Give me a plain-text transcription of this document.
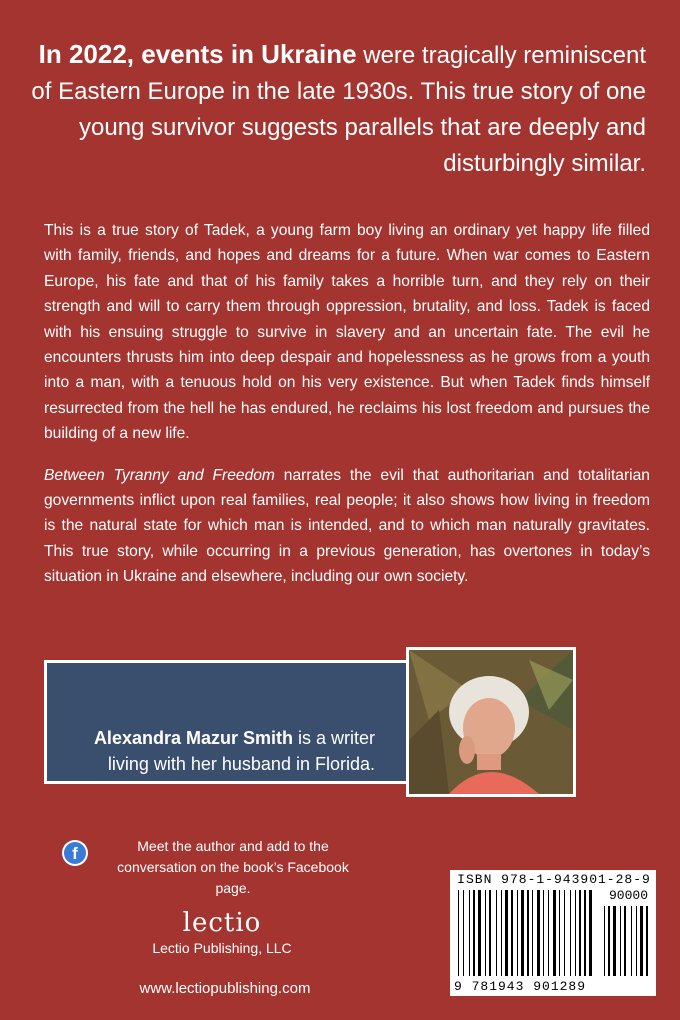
In 2022, events in Ukraine were tragically reminiscent of Eastern Europe in the late 1930s. This true story of one young survivor suggests parallels that are deeply and disturbingly similar.

This is a true story of Tadek, a young farm boy living an ordinary yet happy life filled with family, friends, and hopes and dreams for a future. When war comes to Eastern Europe, his fate and that of his family takes a horrible turn, and they rely on their strength and will to carry them through oppression, brutality, and loss. Tadek is faced with his ensuing struggle to survive in slavery and an uncertain fate. The evil he encounters thrusts him into deep despair and hopelessness as he grows from a youth into a man, with a tenuous hold on his very existence. But when Tadek finds himself resurrected from the hell he has endured, he reclaims his lost freedom and pursues the building of a new life.

Between Tyranny and Freedom narrates the evil that authoritarian and totalitarian governments inflict upon real families, real people; it also shows how living in freedom is the natural state for which man is intended, and to which man naturally gravitates. This true story, while occurring in a previous generation, has overtones in today’s situation in Ukraine and elsewhere, including our own society.

Alexandra Mazur Smith is a writer living with her husband in Florida.
f	Meet the author and add to the conversation on the book’s Facebook page.
lectio
Lectio Publishing, LLC
www.lectiopublishing.com
ISBN 978-1-943901-28-9
90000
9 781943 901289
